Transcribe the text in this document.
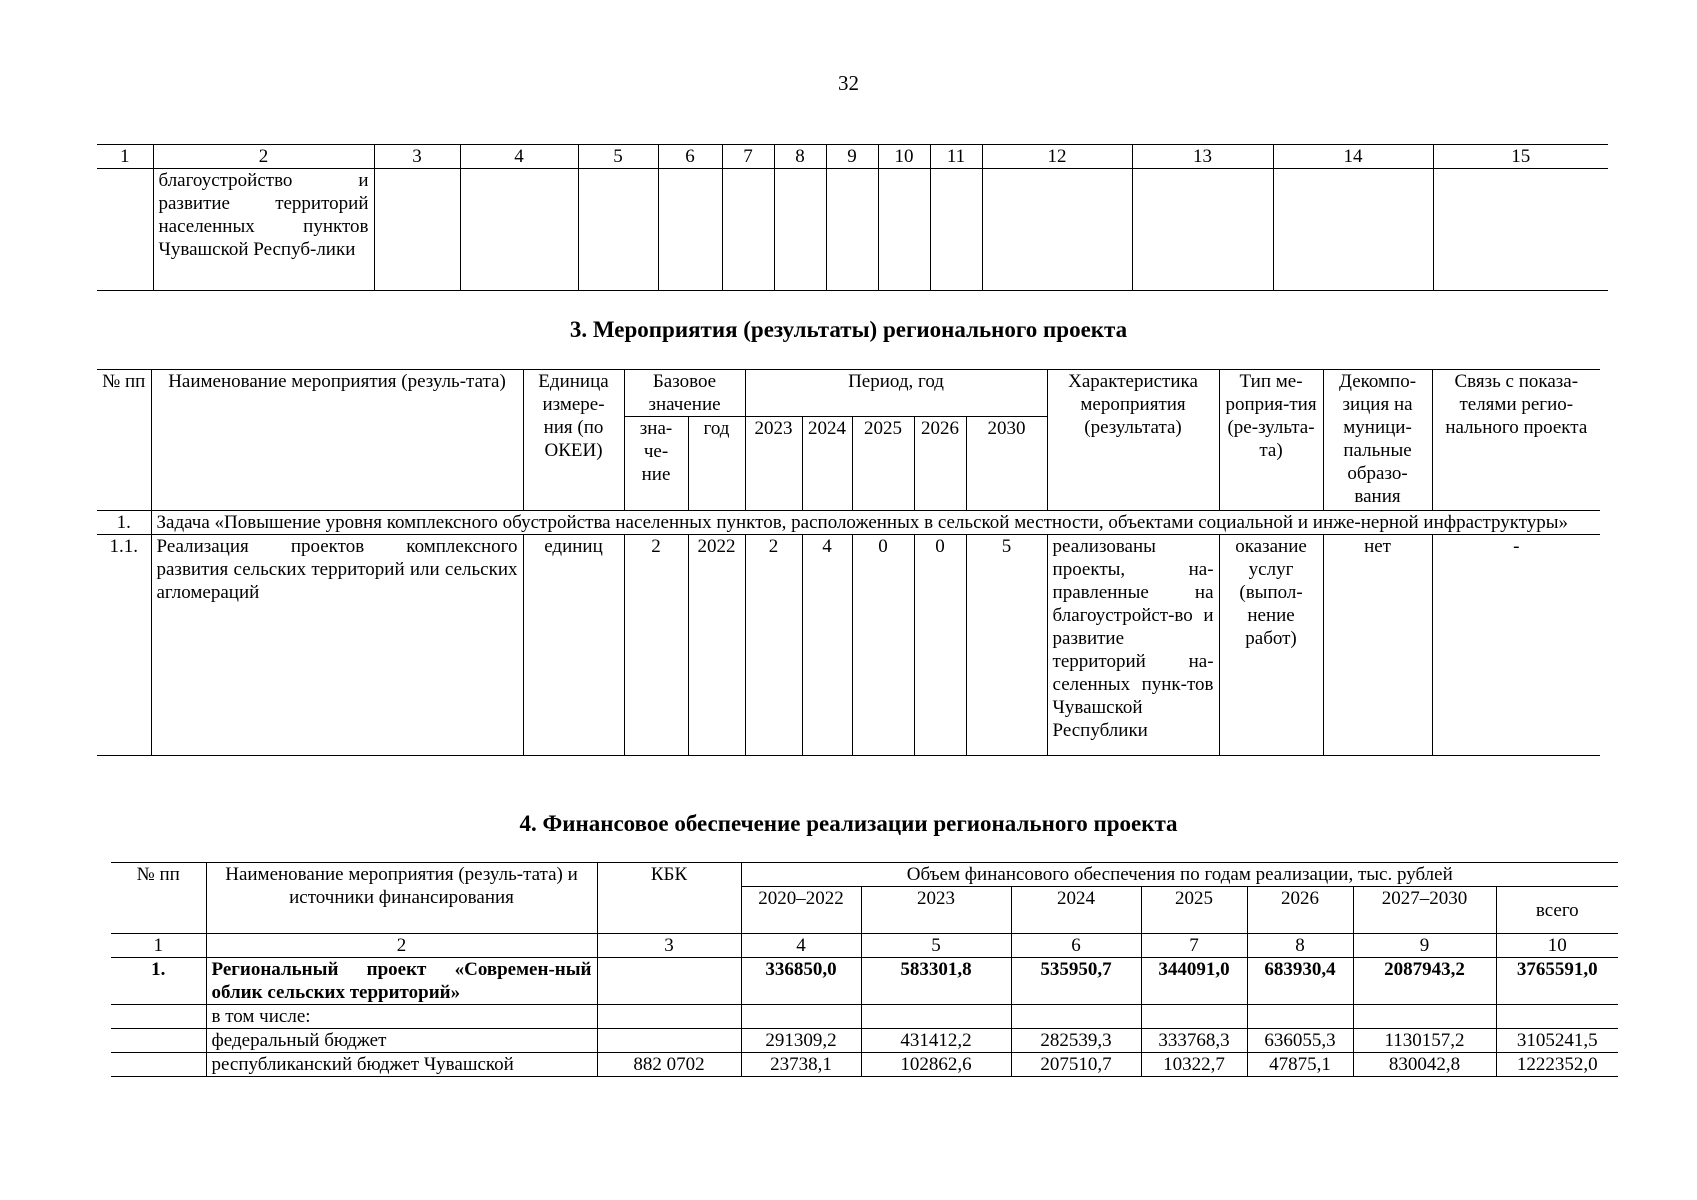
32
1	2	3	4	5	6	7	8	9	10	11	12	13	14	15
	благоустройство и развитие территорий населенных пунктов Чувашской Респуб-лики													
3. Мероприятия (результаты) регионального проекта
№ пп	Наименование мероприятия (резуль-тата)	Единица измере-ния (по ОКЕИ)	Базовое значение		Период, год					Характеристика мероприятия (результата)	Тип ме-роприя-тия (ре-зульта-та)	Декомпо-зиция на муници-пальные образо-вания	Связь с показа-телями регио-нального проекта
			зна-че-ние	год	2023	2024	2025	2026	2030				

1.	Задача «Повышение уровня комплексного обустройства населенных пунктов, расположенных в сельской местности, объектами социальной и инже-нерной инфраструктуры»												
1.1.	Реализация проектов комплексного развития сельских территорий или сельских агломераций	единиц	2	2022	2	4	0	0	5	реализованы проекты, на-правленные на благоустройст-во и развитие территорий на-селенных пунк-тов Чувашской Республики	оказание услуг (выпол-нение работ)	нет	-
4. Финансовое обеспечение реализации регионального проекта
№ пп	Наименование мероприятия (резуль-тата) и источники финансирования	КБК	Объем финансового обеспечения по годам реализации, тыс. рублей						
			2020–2022	2023	2024	2025	2026	2027–2030	всего
1	2	3	4	5	6	7	8	9	10
1.	Региональный проект «Современ-ный облик сельских территорий»		336850,0	583301,8	535950,7	344091,0	683930,4	2087943,2	3765591,0
	в том числе:								
	федеральный бюджет		291309,2	431412,2	282539,3	333768,3	636055,3	1130157,2	3105241,5
	республиканский бюджет Чувашской	882 0702	23738,1	102862,6	207510,7	10322,7	47875,1	830042,8	1222352,0
